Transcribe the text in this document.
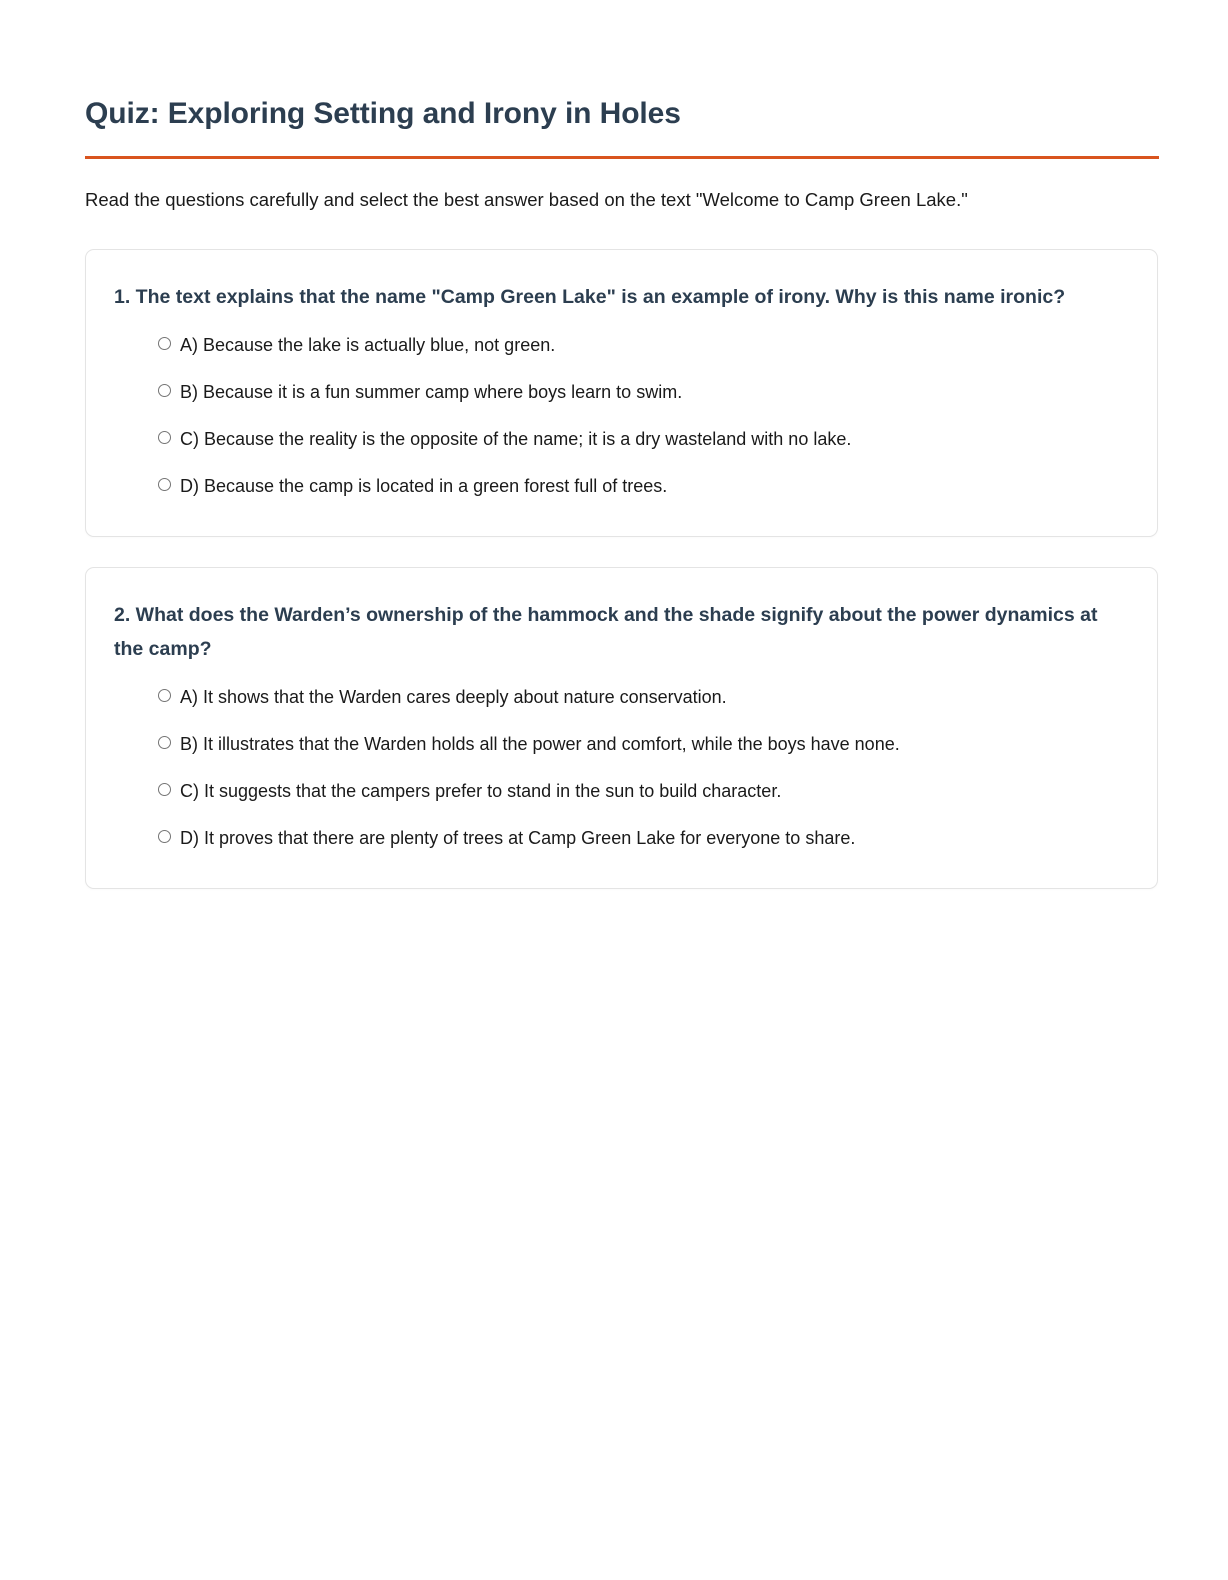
Quiz: Exploring Setting and Irony in Holes

Read the questions carefully and select the best answer based on the text "Welcome to Camp Green Lake."

1. The text explains that the name "Camp Green Lake" is an example of irony. Why is this name ironic?

A) Because the lake is actually blue, not green.
B) Because it is a fun summer camp where boys learn to swim.
C) Because the reality is the opposite of the name; it is a dry wasteland with no lake.
D) Because the camp is located in a green forest full of trees.

2. What does the Warden’s ownership of the hammock and the shade signify about the power dynamics at the camp?

A) It shows that the Warden cares deeply about nature conservation.
B) It illustrates that the Warden holds all the power and comfort, while the boys have none.
C) It suggests that the campers prefer to stand in the sun to build character.
D) It proves that there are plenty of trees at Camp Green Lake for everyone to share.
